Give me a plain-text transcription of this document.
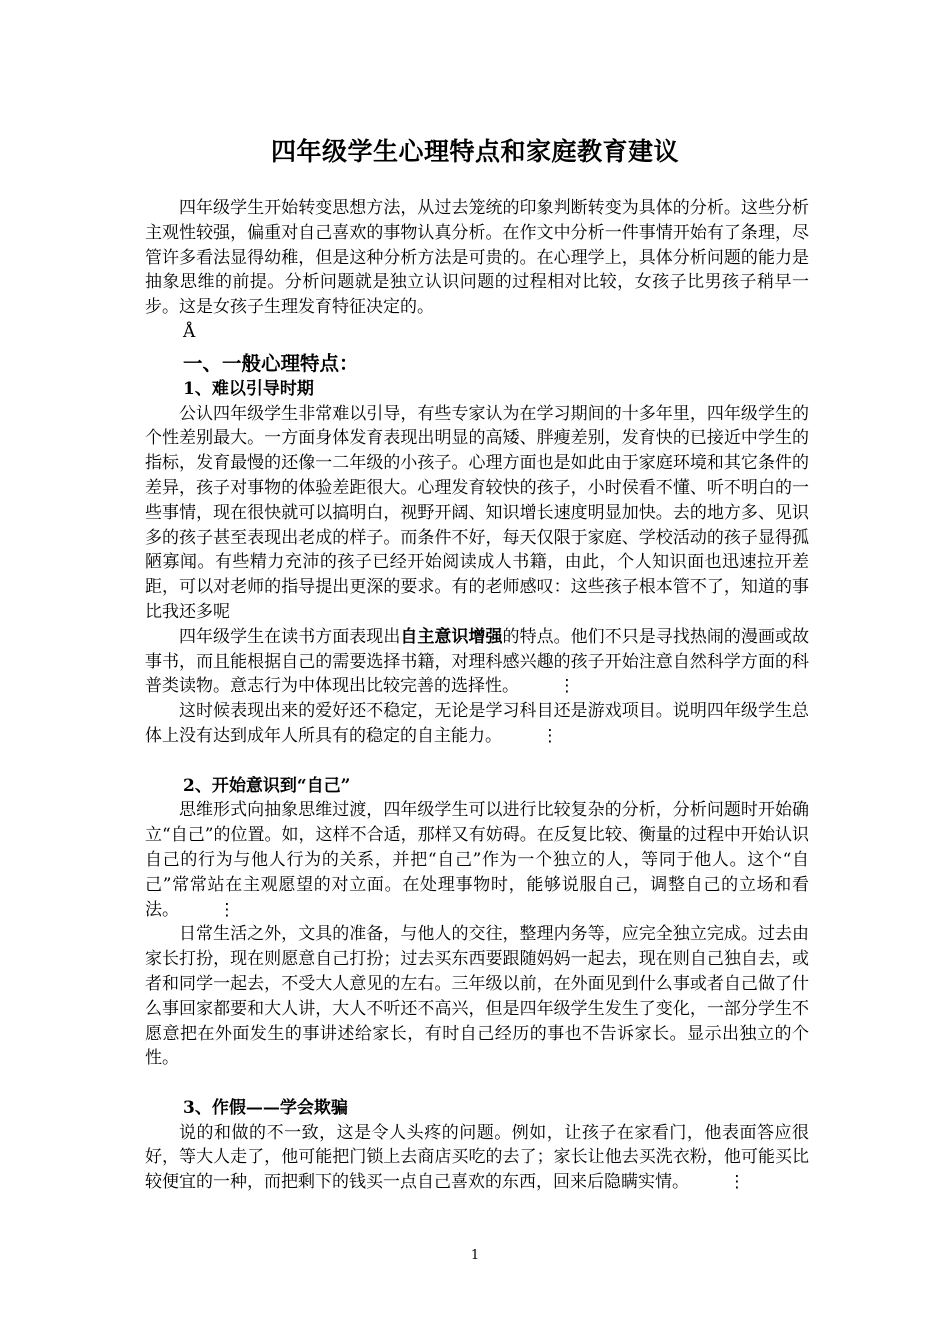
四年级学生心理特点和家庭教育建议

四年级学生开始转变思想方法，从过去笼统的印象判断转变为具体的分析。这些分析主观性较强，偏重对自己喜欢的事物认真分析。在作文中分析一件事情开始有了条理，尽管许多看法显得幼稚，但是这种分析方法是可贵的。在心理学上，具体分析问题的能力是抽象思维的前提。分析问题就是独立认识问题的过程相对比较，女孩子比男孩子稍早一步。这是女孩子生理发育特征决定的。

Å

一、一般心理特点：
1、难以引导时期

公认四年级学生非常难以引导，有些专家认为在学习期间的十多年里，四年级学生的个性差别最大。一方面身体发育表现出明显的高矮、胖瘦差别，发育快的已接近中学生的指标，发育最慢的还像一二年级的小孩子。心理方面也是如此由于家庭环境和其它条件的差异，孩子对事物的体验差距很大。心理发育较快的孩子，小时侯看不懂、听不明白的一些事情，现在很快就可以搞明白，视野开阔、知识增长速度明显加快。去的地方多、见识多的孩子甚至表现出老成的样子。而条件不好，每天仅限于家庭、学校活动的孩子显得孤陋寡闻。有些精力充沛的孩子已经开始阅读成人书籍，由此，个人知识面也迅速拉开差距，可以对老师的指导提出更深的要求。有的老师感叹：这些孩子根本管不了，知道的事比我还多呢

四年级学生在读书方面表现出自主意识增强的特点。他们不只是寻找热闹的漫画或故事书，而且能根据自己的需要选择书籍，对理科感兴趣的孩子开始注意自然科学方面的科普类读物。意志行为中体现出比较完善的选择性。 ⋮

这时候表现出来的爱好还不稳定，无论是学习科目还是游戏项目。说明四年级学生总体上没有达到成年人所具有的稳定的自主能力。 ⋮

2、开始意识到“自己”

思维形式向抽象思维过渡，四年级学生可以进行比较复杂的分析，分析问题时开始确立“自己”的位置。如，这样不合适，那样又有妨碍。在反复比较、衡量的过程中开始认识自己的行为与他人行为的关系，并把“自己”作为一个独立的人，等同于他人。这个“自己”常常站在主观愿望的对立面。在处理事物时，能够说服自己，调整自己的立场和看法。 ⋮

日常生活之外，文具的准备，与他人的交往，整理内务等，应完全独立完成。过去由家长打扮，现在则愿意自己打扮；过去买东西要跟随妈妈一起去，现在则自己独自去，或者和同学一起去，不受大人意见的左右。三年级以前，在外面见到什么事或者自己做了什么事回家都要和大人讲，大人不听还不高兴，但是四年级学生发生了变化，一部分学生不愿意把在外面发生的事讲述给家长，有时自己经历的事也不告诉家长。显示出独立的个性。

3、作假——学会欺骗

说的和做的不一致，这是令人头疼的问题。例如，让孩子在家看门，他表面答应很好，等大人走了，他可能把门锁上去商店买吃的去了；家长让他去买洗衣粉，他可能买比较便宜的一种，而把剩下的钱买一点自己喜欢的东西，回来后隐瞒实情。 ⋮

1
